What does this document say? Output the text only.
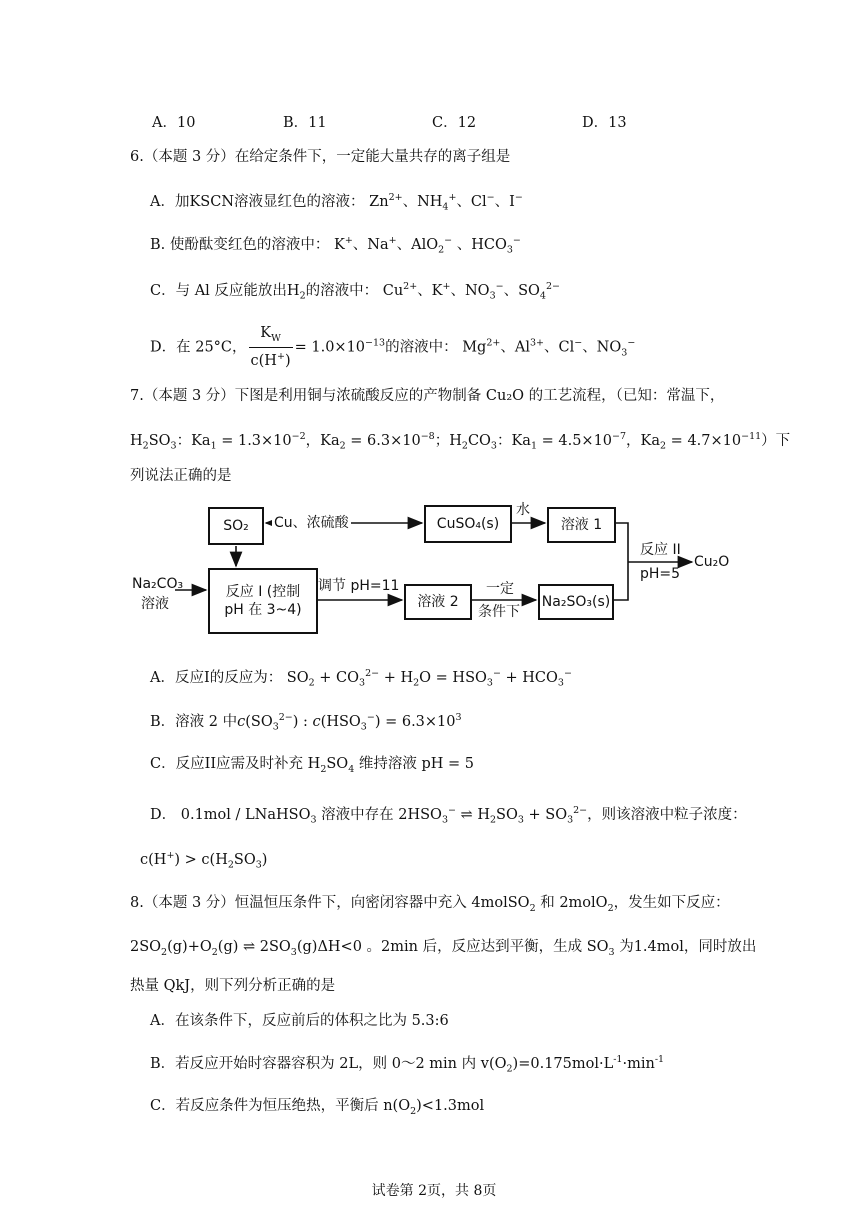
A．10	B．11	C．12	D．13
6.（本题 3 分）在给定条件下，一定能大量共存的离子组是
A．加KSCN溶液显红色的溶液： $Zn^{2+}$、$NH_4^+$、Cl−、I−
B. 使酚酞变红色的溶液中： K+、Na+、AlO$_2$− 、$HCO_3^-$
C．与 Al 反应能放出$H_2$的溶液中： $Cu^{2+}$、K+、$NO_3^-$、$SO_4^{2-}$
D．在 25°C， $\frac{K_W}{c(H^+)} = 1.0\times 10^{-13}$的溶液中： $Mg^{2+}$、$Al^{3+}$、Cl−、$NO_3^-$
7.（本题 3 分）下图是利用铜与浓硫酸反应的产物制备 Cu₂O 的工艺流程，（已知：常温下，
$H_2SO_3$：$Ka_1 = 1.3\times 10^{-2}$，$Ka_2 = 6.3\times 10^{-8}$；$H_2CO_3$：$Ka_1 = 4.5\times 10^{-7}$，$Ka_2 = 4.7\times 10^{-11}$）下
列说法正确的是
SO₂	Cu、浓硫酸	CuSO₄(s)
水
溶液 1
反应 II
pH=5
Cu₂O
Na₂CO₃
溶液
反应 I (控制
pH 在 3~4)
调节 pH=11
溶液 2
一定
条件下
Na₂SO₃(s)
A．反应I的反应为： $SO_2 + CO_3^{2-} + H_2O = HSO_3^- + HCO_3^-$
B．溶液 2 中$c(SO_3^{2-})$ : $c(HSO_3^-) = 6.3\times 10^3$
C．反应II应需及时补充 $H_2SO_4$ 维持溶液 pH = 5
D． 0.1mol / LNaHSO$_3$ 溶液中存在 $2HSO_3^-$ ⇌ $H_2SO_3 + SO_3^{2-}$，则该溶液中粒子浓度：
$c(H^+) > c(H_2SO_3)$
8.（本题 3 分）恒温恒压条件下，向密闭容器中充入 4molSO$_2$ 和 2molO$_2$，发生如下反应：
$2SO_2(g)+O_2(g)$ ⇌ $2SO_3(g)\Delta H<0$ 。2min 后，反应达到平衡，生成 $SO_3$ 为1.4mol，同时放出
热量 QkJ，则下列分析正确的是
A．在该条件下，反应前后的体积之比为 5.3:6
B．若反应开始时容器容积为 2L，则 0～2 min 内 $v(O_2)=0.175mol\cdot L^{-1}\cdot\min^{-1}$
C．若反应条件为恒压绝热，平衡后 $n(O_2)<1.3mol$
试卷第 2页，共 8页
